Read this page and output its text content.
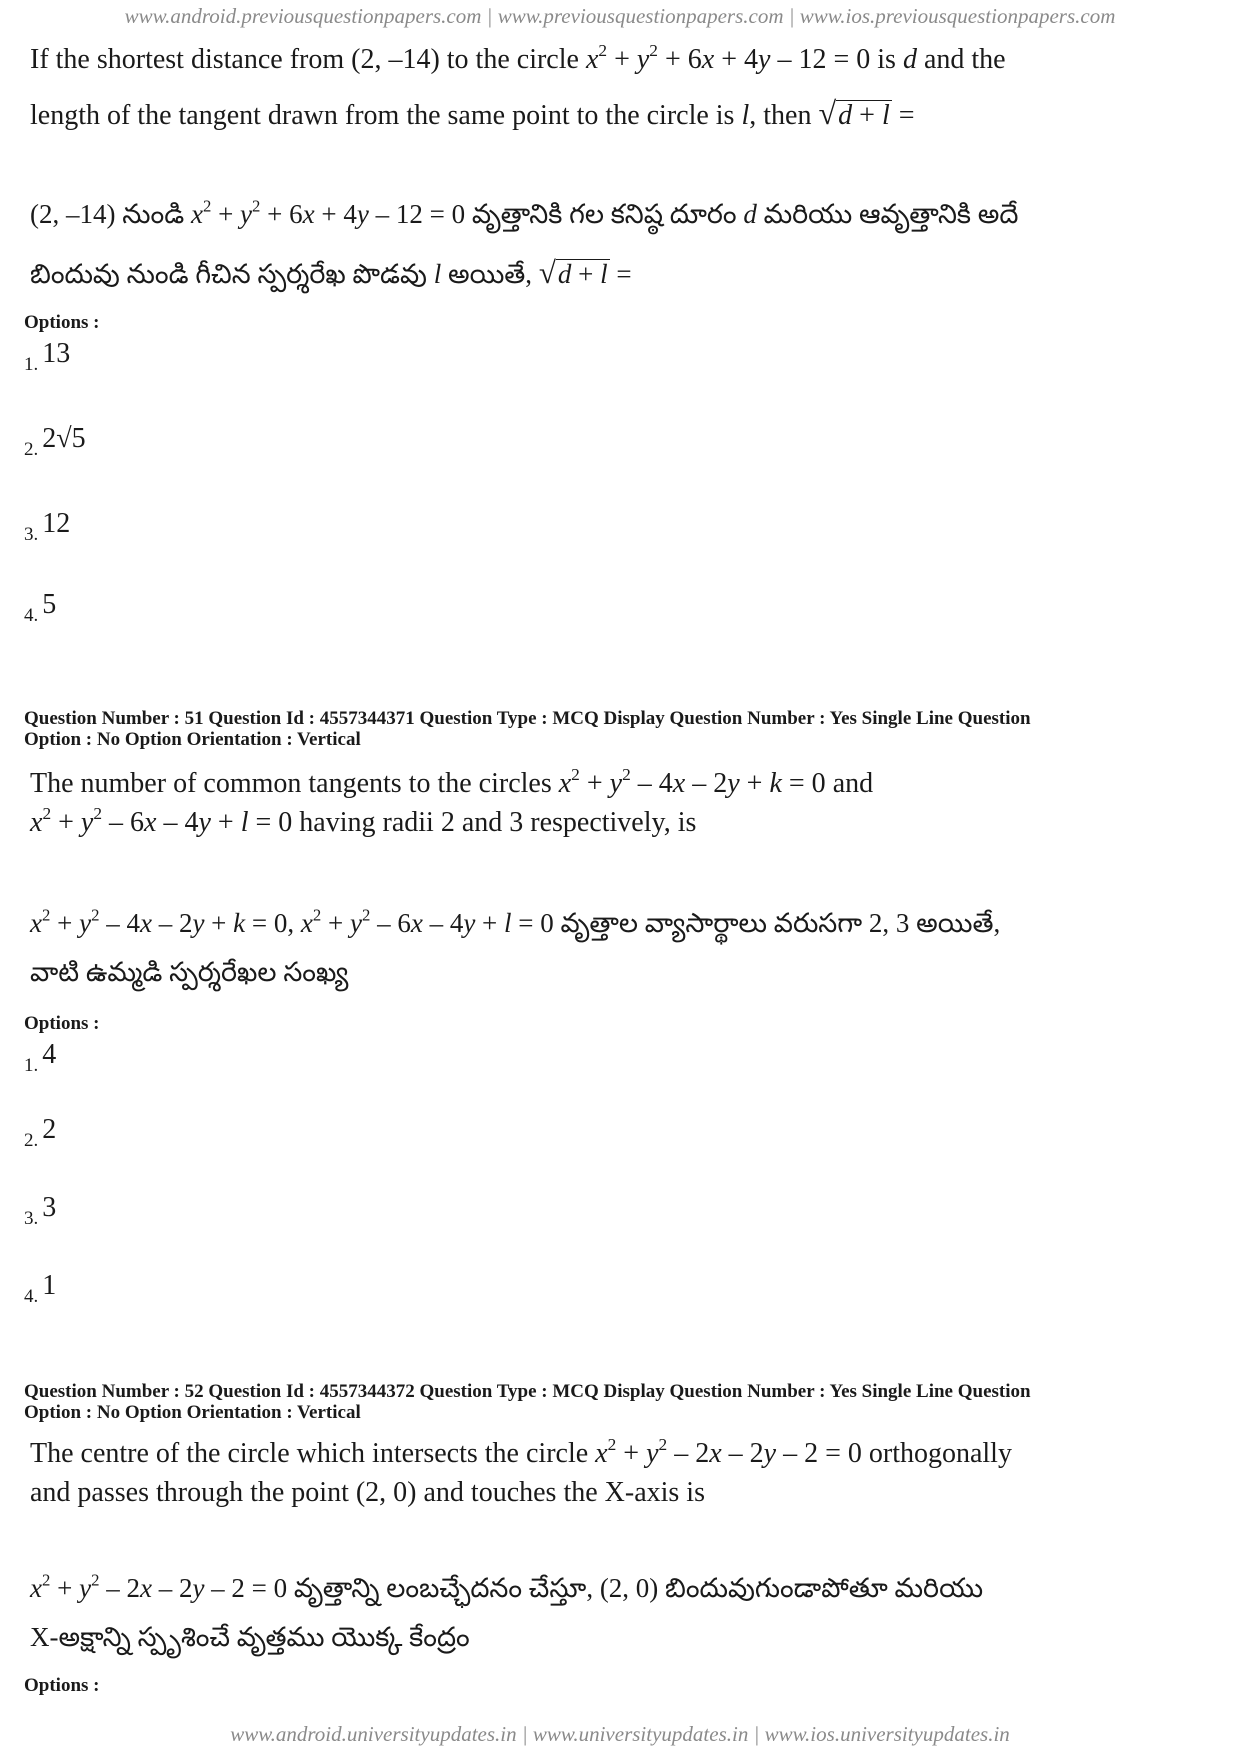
www.android.previousquestionpapers.com | www.previousquestionpapers.com | www.ios.previousquestionpapers.com
If the shortest distance from (2, –14) to the circle $x^2 + y^2 + 6x + 4y - 12 = 0$ is d and the
length of the tangent drawn from the same point to the circle is l, then √d + l =
(2, –14) నుండి $x^2 + y^2 + 6x + 4y - 12 = 0$ వృత్తానికి గల కనిష్ఠ దూరం d మరియు ఆవృత్తానికి అదే
బిందువు నుండి గీచిన స్పర్శరేఖ పొడవు l అయితే, √d + l =
Options :
1. 13
2. 2√5
3. 12
4. 5
Question Number : 51 Question Id : 4557344371 Question Type : MCQ Display Question Number : Yes Single Line Question
Option : No Option Orientation : Vertical
The number of common tangents to the circles $x^2 + y^2 - 4x - 2y + k = 0$ and
$x^2 + y^2 - 6x - 4y + l = 0$ having radii 2 and 3 respectively, is
$x^2 + y^2 - 4x - 2y + k = 0$, $x^2 + y^2 - 6x - 4y + l = 0$ వృత్తాల వ్యాసార్థాలు వరుసగా 2, 3 అయితే,
వాటి ఉమ్మడి స్పర్శరేఖల సంఖ్య
Options :
1. 4
2. 2
3. 3
4. 1
Question Number : 52 Question Id : 4557344372 Question Type : MCQ Display Question Number : Yes Single Line Question
Option : No Option Orientation : Vertical
The centre of the circle which intersects the circle $x^2 + y^2 - 2x - 2y - 2 = 0$ orthogonally
and passes through the point (2, 0) and touches the X-axis is
$x^2 + y^2 - 2x - 2y - 2 = 0$ వృత్తాన్ని లంబచ్ఛేదనం చేస్తూ, (2, 0) బిందువుగుండాపోతూ మరియు
X-అక్షాన్ని స్పృశించే వృత్తము యొక్క కేంద్రం
Options :
www.android.universityupdates.in | www.universityupdates.in | www.ios.universityupdates.in
